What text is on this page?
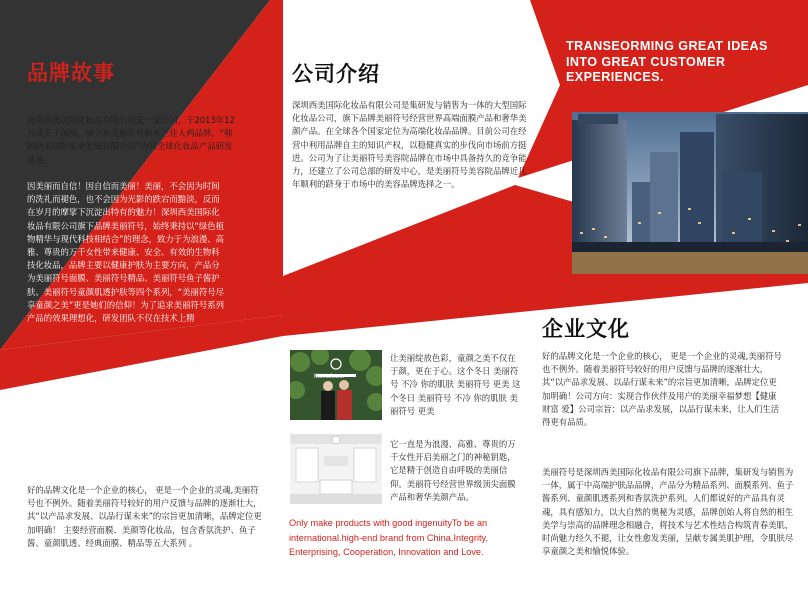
品牌故事

深圳西美国际化妆品有限公司是一家公司，于2013年12月成立于深圳。旗下有美丽符号和米兰佳人两品牌，“韩国西美国际实业发展有限公司”为其全球化妆品产品研发基地。

因美丽而自信！因自信而美丽！美丽，不会因为时间的洗礼而褪色，也不会因为光影的跌宕而黯淡，反而在岁月的摩挲下沉淀出特有的魅力！深圳西美国际化妆品有限公司旗下品牌美丽符号，始终秉持以“绿色植物精华与现代科技相结合”的理念，致力于为浪漫、高雅、尊贵的万千女性带来健康、安全、有效的生物科技化妆品，品牌主要以健康护肤为主要方向，产品分为美丽符号面膜、美丽符号精品、美丽符号鱼子酱护肤、美丽符号童颜肌透护肤等四个系列，“美丽符号尽享童颜之美”更是她们的信仰！为了追求美丽符号系列产品的效果理想化，研发团队不仅在技术上精

好的品牌文化是一个企业的核心， 更是一个企业的灵魂,美丽符号也不例外。随着美丽符号较好的用户反馈与品牌的逐渐壮大， 其“以产品求发展、以品行谋未来”的宗旨更加清晰，品牌定位更加明确！ 主要经营面膜、美颜等化妆品，包含香氛洗护、鱼子酱、童颜肌透、经典面膜、精品等五大系列 。

公司介绍

深圳西美国际化妆品有限公司是集研发与销售为一体的大型国际化妆品公司，旗下品牌美丽符号经营世界高端面膜产品和奢华美颜产品。在全球各个国家定位为高端化妆品品牌。目前公司在经营中利用品牌自主的知识产权，以稳健真实的步伐向市场前方挺进。公司为了让美丽符号美容院品牌在市场中具备持久的竞争能力，还建立了公司总部的研发中心，是美丽符号美容院品牌近几年顺利的跻身于市场中的美容品牌选择之一。

TRANSEORMING GREAT IDEAS INTO GREAT CUSTOMER EXPERIENCES.
企业文化

好的品牌文化是一个企业的核心， 更是一个企业的灵魂,美丽符号也不例外。随着美丽符号较好的用户反馈与品牌的逐渐壮大， 其“以产品求发展、以品行谋未来”的宗旨更加清晰，品牌定位更加明确！公司方向：实现合作伙伴及用户的美丽幸福梦想【健康 财富 爱】公司宗旨：以产品求发展，以品行谋未来，让人们生活得更有品质。

美丽符号是深圳西美国际化妆品有限公司旗下品牌，集研发与销售为一体，属于中高端护肤品品牌，产品分为精品系列、面膜系列、鱼子酱系列、童颜肌透系列和香氛洗护系列。人们都说好的产品具有灵魂，具有感知力，以大自然的奥秘为灵感，品牌创始人将自然的相生美学与崇高的品牌理念相融合，将技术与艺术性结合构筑青春美肌，时尚魅力经久不褪，让女性愈发美丽，呈献专属美肌护理，令肌肤尽享童颜之美和愉悦体验。

Meirisfower

让美丽绽放色彩，童颜之美不仅在于颜，更在于心。这个冬日 美丽符号 不冷 你的肌肤 美丽符号 更美 这个冬日 美丽符号 不冷 你的肌肤 美丽符号 更美

它一直是为浪漫、高雅、尊贵的万千女性开启美丽之门的神秘钥匙，它是精于创造自由呼吸的美丽信仰。美丽符号经营世界级顶尖面膜产品和奢华美颜产品。

Only make products with good ingenuityTo be an international.high-end brand from China.Integrity, Enterprising, Cooperation, Innovation and Love.
